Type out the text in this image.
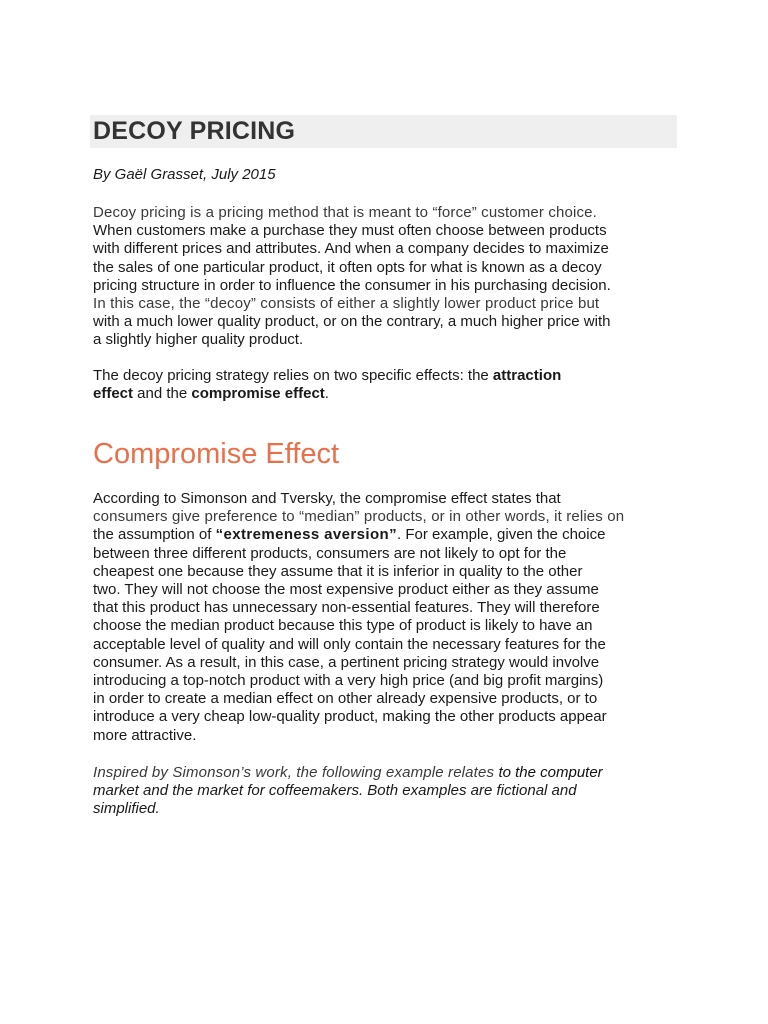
DECOY PRICING
By Gaël Grasset, July 2015
Decoy pricing is a pricing method that is meant to “force” customer choice.
When customers make a purchase they must often choose between products
with different prices and attributes. And when a company decides to maximize
the sales of one particular product, it often opts for what is known as a decoy
pricing structure in order to influence the consumer in his purchasing decision.
In this case, the “decoy” consists of either a slightly lower product price but
with a much lower quality product, or on the contrary, a much higher price with
a slightly higher quality product.
The decoy pricing strategy relies on two specific effects: the attraction
effect and the compromise effect.
Compromise Effect
According to Simonson and Tversky, the compromise effect states that
consumers give preference to “median” products, or in other words, it relies on
the assumption of “extremeness aversion”. For example, given the choice
between three different products, consumers are not likely to opt for the
cheapest one because they assume that it is inferior in quality to the other
two. They will not choose the most expensive product either as they assume
that this product has unnecessary non-essential features. They will therefore
choose the median product because this type of product is likely to have an
acceptable level of quality and will only contain the necessary features for the
consumer. As a result, in this case, a pertinent pricing strategy would involve
introducing a top-notch product with a very high price (and big profit margins)
in order to create a median effect on other already expensive products, or to
introduce a very cheap low-quality product, making the other products appear
more attractive.
Inspired by Simonson’s work, the following example relates to the computer
market and the market for coffeemakers. Both examples are fictional and
simplified.
